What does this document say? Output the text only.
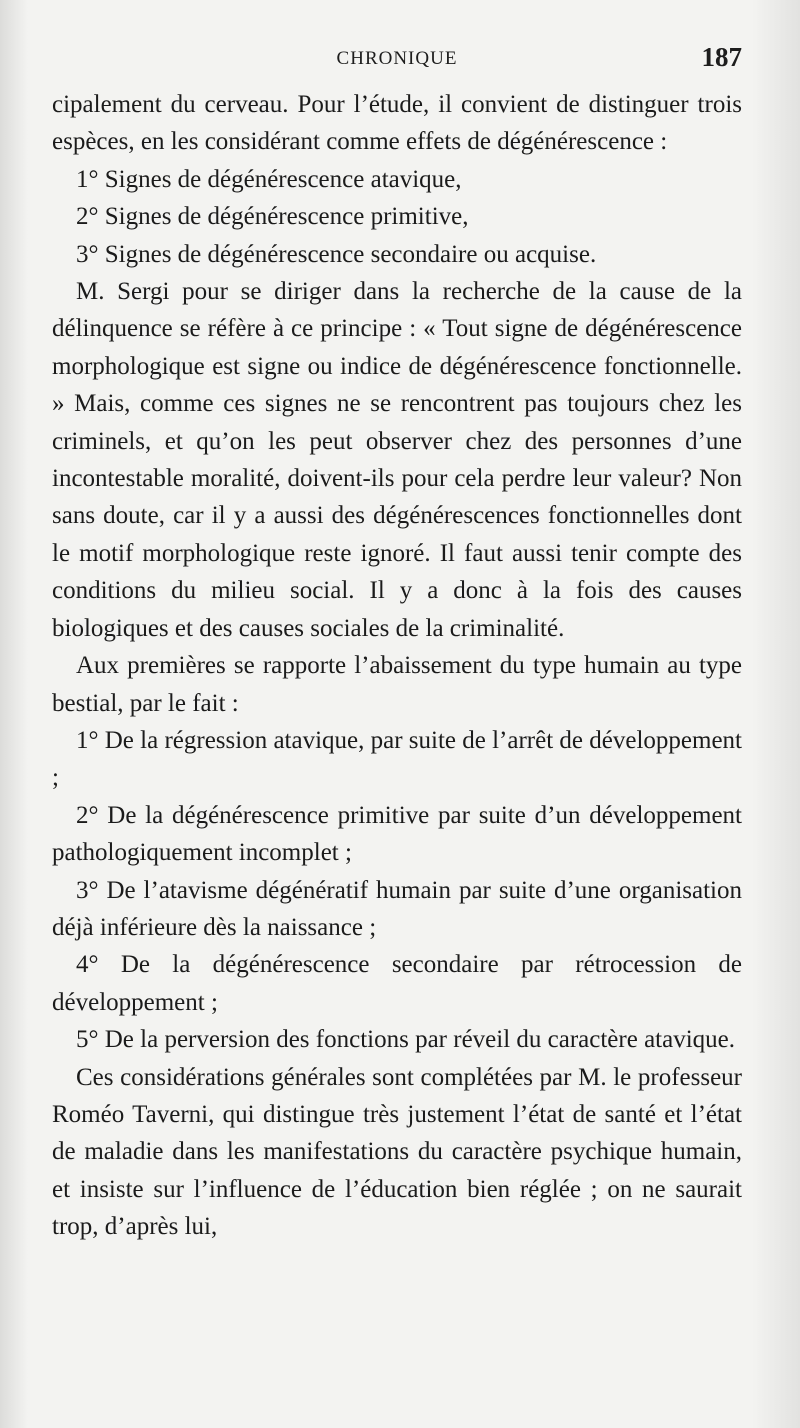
CHRONIQUE	187

cipalement du cerveau. Pour l’étude, il convient de distinguer trois espèces, en les considérant comme effets de dégénérescence :

1° Signes de dégénérescence atavique,

2° Signes de dégénérescence primitive,

3° Signes de dégénérescence secondaire ou acquise.

M. Sergi pour se diriger dans la recherche de la cause de la délinquence se réfère à ce principe : « Tout signe de dégénérescence morphologique est signe ou indice de dégénérescence fonctionnelle. » Mais, comme ces signes ne se rencontrent pas toujours chez les criminels, et qu’on les peut observer chez des personnes d’une incontestable moralité, doivent-ils pour cela perdre leur valeur? Non sans doute, car il y a aussi des dégénérescences fonctionnelles dont le motif morphologique reste ignoré. Il faut aussi tenir compte des conditions du milieu social. Il y a donc à la fois des causes biologiques et des causes sociales de la criminalité.

Aux premières se rapporte l’abaissement du type humain au type bestial, par le fait :

1° De la régression atavique, par suite de l’arrêt de développement ;

2° De la dégénérescence primitive par suite d’un développement pathologiquement incomplet ;

3° De l’atavisme dégénératif humain par suite d’une organisation déjà inférieure dès la naissance ;

4° De la dégénérescence secondaire par rétrocession de développement ;

5° De la perversion des fonctions par réveil du caractère atavique.

Ces considérations générales sont complétées par M. le professeur Roméo Taverni, qui distingue très justement l’état de santé et l’état de maladie dans les manifestations du caractère psychique humain, et insiste sur l’influence de l’éducation bien réglée ; on ne saurait trop, d’après lui,
